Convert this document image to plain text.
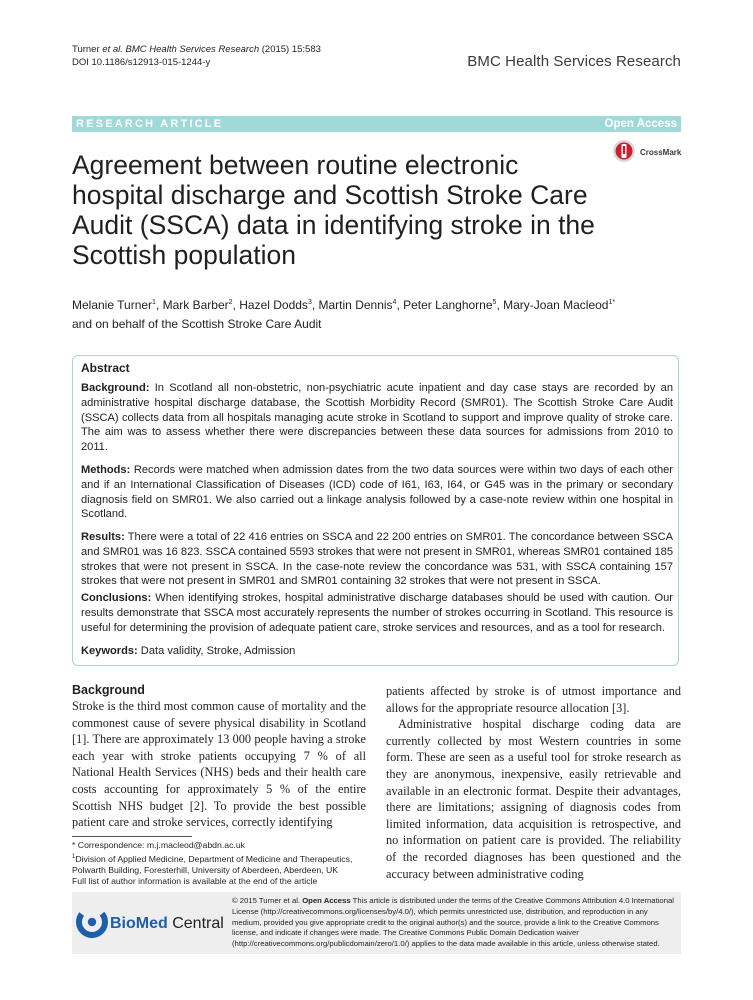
Turner et al. BMC Health Services Research (2015) 15:583
DOI 10.1186/s12913-015-1244-y	BMC Health Services Research
RESEARCH ARTICLE	Open Access
Agreement between routine electronic hospital discharge and Scottish Stroke Care Audit (SSCA) data in identifying stroke in the Scottish population
CrossMark
Melanie Turner$^1$, Mark Barber$^2$, Hazel Dodds$^3$, Martin Dennis$^4$, Peter Langhorne$^5$, Mary-Joan Macleod$^{1*}$
and on behalf of the Scottish Stroke Care Audit
Abstract

Background: In Scotland all non-obstetric, non-psychiatric acute inpatient and day case stays are recorded by an administrative hospital discharge database, the Scottish Morbidity Record (SMR01). The Scottish Stroke Care Audit (SSCA) collects data from all hospitals managing acute stroke in Scotland to support and improve quality of stroke care. The aim was to assess whether there were discrepancies between these data sources for admissions from 2010 to 2011.

Methods: Records were matched when admission dates from the two data sources were within two days of each other and if an International Classification of Diseases (ICD) code of I61, I63, I64, or G45 was in the primary or secondary diagnosis field on SMR01. We also carried out a linkage analysis followed by a case-note review within one hospital in Scotland.

Results: There were a total of 22 416 entries on SSCA and 22 200 entries on SMR01. The concordance between SSCA and SMR01 was 16 823. SSCA contained 5593 strokes that were not present in SMR01, whereas SMR01 contained 185 strokes that were not present in SSCA. In the case-note review the concordance was 531, with SSCA containing 157 strokes that were not present in SMR01 and SMR01 containing 32 strokes that were not present in SSCA.

Conclusions: When identifying strokes, hospital administrative discharge databases should be used with caution. Our results demonstrate that SSCA most accurately represents the number of strokes occurring in Scotland. This resource is useful for determining the provision of adequate patient care, stroke services and resources, and as a tool for research.

Keywords: Data validity, Stroke, Admission

Background

Stroke is the third most common cause of mortality and the commonest cause of severe physical disability in Scotland [1]. There are approximately 13 000 people having a stroke each year with stroke patients occupying 7 % of all National Health Services (NHS) beds and their health care costs accounting for approximately 5 % of the entire Scottish NHS budget [2]. To provide the best possible patient care and stroke services, correctly identifying

patients affected by stroke is of utmost importance and allows for the appropriate resource allocation [3].

Administrative hospital discharge coding data are currently collected by most Western countries in some form. These are seen as a useful tool for stroke research as they are anonymous, inexpensive, easily retrievable and available in an electronic format. Despite their advantages, there are limitations; assigning of diagnosis codes from limited information, data acquisition is retrospective, and no information on patient care is provided. The reliability of the recorded diagnoses has been questioned and the accuracy between administrative coding

* Correspondence: m.j.macleod@abdn.ac.uk
$^1$Division of Applied Medicine, Department of Medicine and Therapeutics, Polwarth Building, Foresterhill, University of Aberdeen, Aberdeen, UK
Full list of author information is available at the end of the article
BioMed Central
© 2015 Turner et al. Open Access This article is distributed under the terms of the Creative Commons Attribution 4.0 International License (http://creativecommons.org/licenses/by/4.0/), which permits unrestricted use, distribution, and reproduction in any medium, provided you give appropriate credit to the original author(s) and the source, provide a link to the Creative Commons license, and indicate if changes were made. The Creative Commons Public Domain Dedication waiver (http://creativecommons.org/publicdomain/zero/1.0/) applies to the data made available in this article, unless otherwise stated.
